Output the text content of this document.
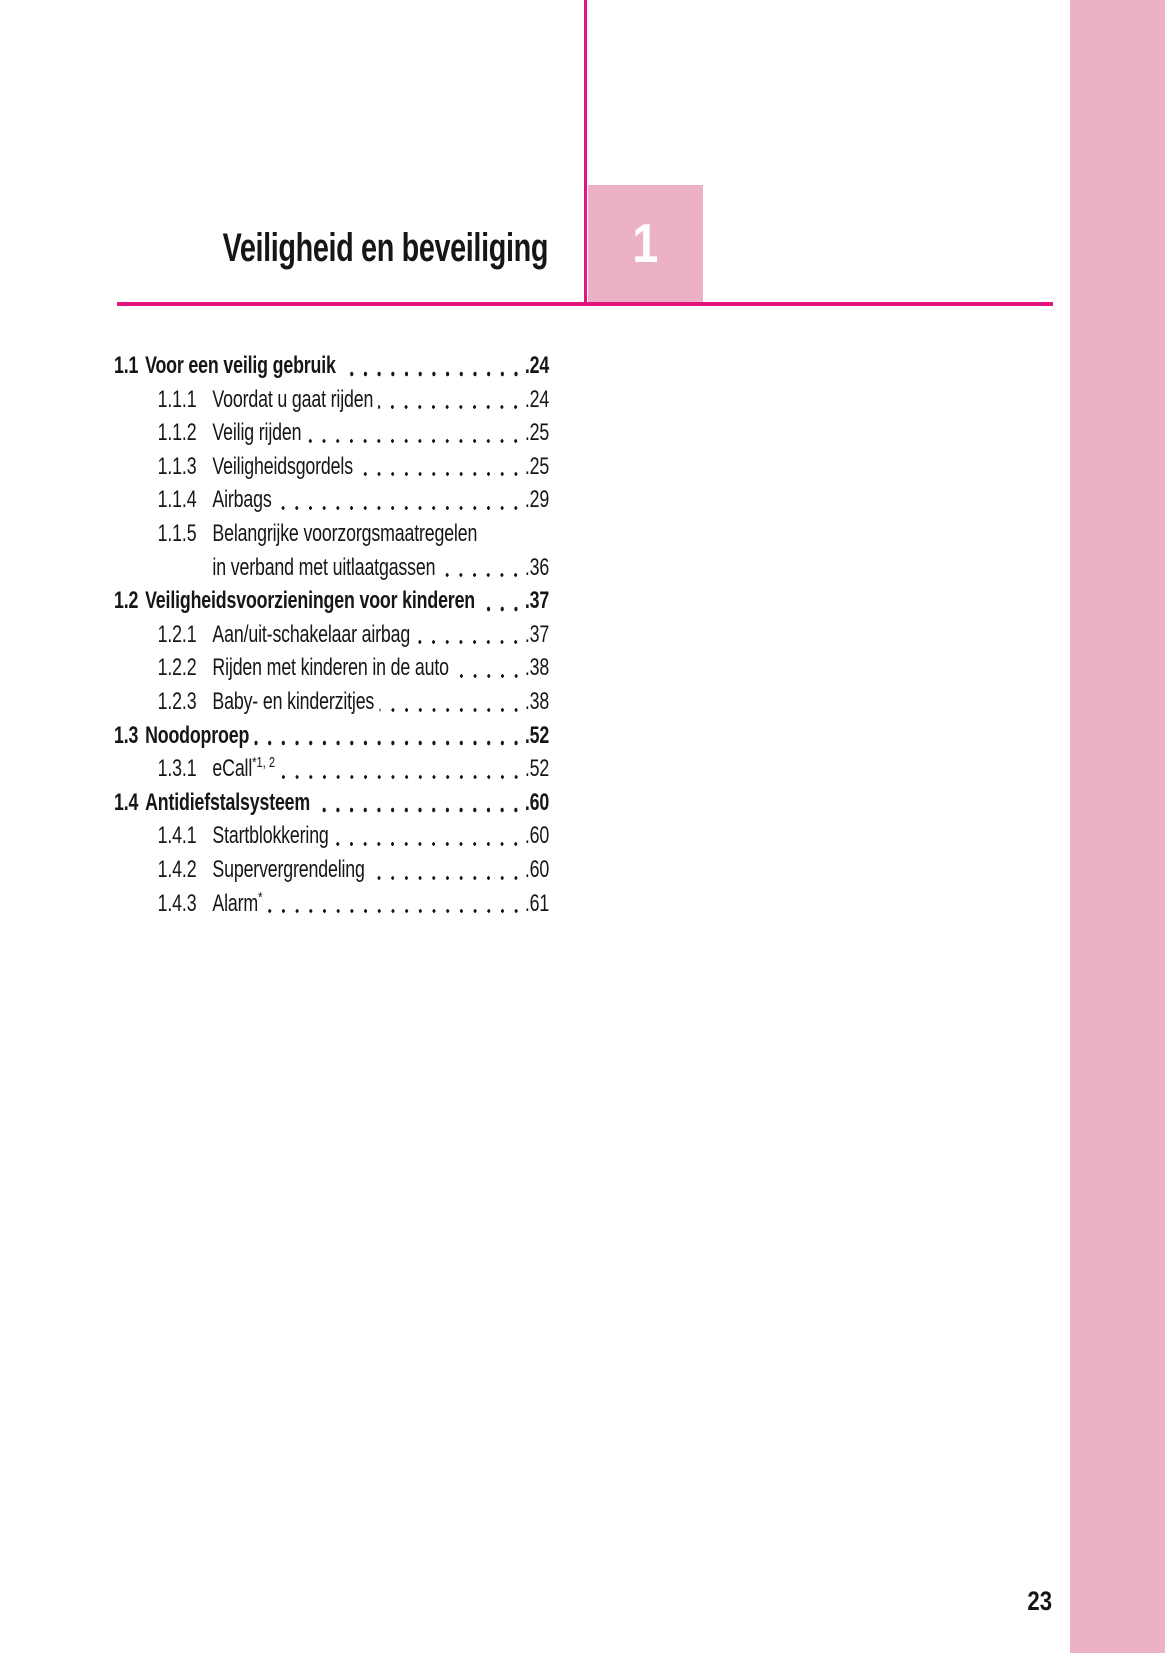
1
Veiligheid en beveiliging
1.1 Voor een veilig gebruik	.24
1.1.1 Voordat u gaat rijden	.24
1.1.2 Veilig rijden	.25
1.1.3 Veiligheidsgordels	.25
1.1.4 Airbags	.29
1.1.5 Belangrijke voorzorgsmaatregelen
in verband met uitlaatgassen	.36
1.2 Veiligheidsvoorzieningen voor kinderen .37
1.2.1 Aan/uit-schakelaar airbag	.37
1.2.2 Rijden met kinderen in de auto	.38
1.2.3 Baby- en kinderzitjes	.38
1.3 Noodoproep	.52
1.3.1 eCall$^{*1, 2}$	.52
1.4 Antidiefstalsysteem	.60
1.4.1 Startblokkering	.60
1.4.2 Supervergrendeling	.60
1.4.3 Alarm*	.61
23
